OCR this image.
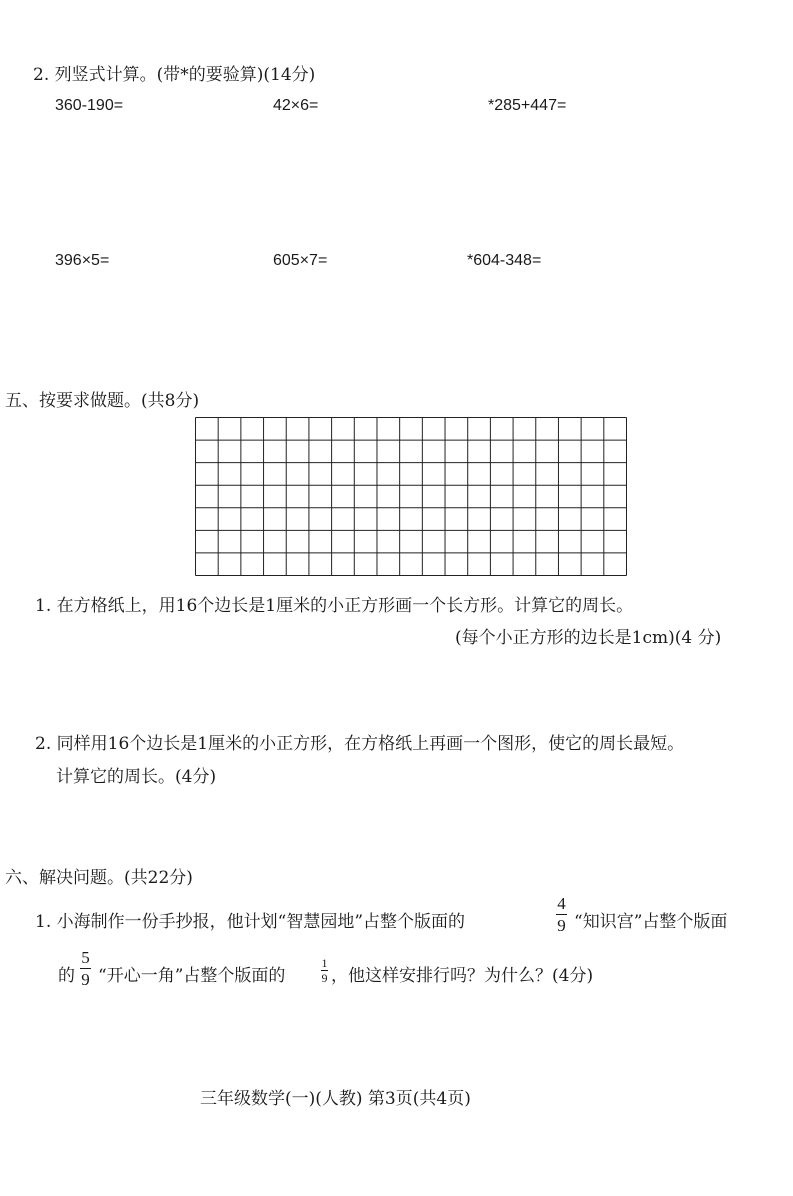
2. 列竖式计算。(带*的要验算)(14分)
360-190=	42×6=	*285+447=
396×5=	605×7=	*604-348=
五、按要求做题。(共8分)
1. 在方格纸上，用16个边长是1厘米的小正方形画一个长方形。计算它的周长。
(每个小正方形的边长是1cm)(4 分)
2. 同样用16个边长是1厘米的小正方形，在方格纸上再画一个图形，使它的周长最短。
计算它的周长。(4分)
六、解决问题。(共22分)
1. 小海制作一份手抄报，他计划“智慧园地”占整个版面的
4
9 “知识宫”占整个版面
的
5
9 “开心一角”占整个版面的
1
9 ，他这样安排行吗？为什么？(4分)
三年级数学(一)(人教) 第3页(共4页)
